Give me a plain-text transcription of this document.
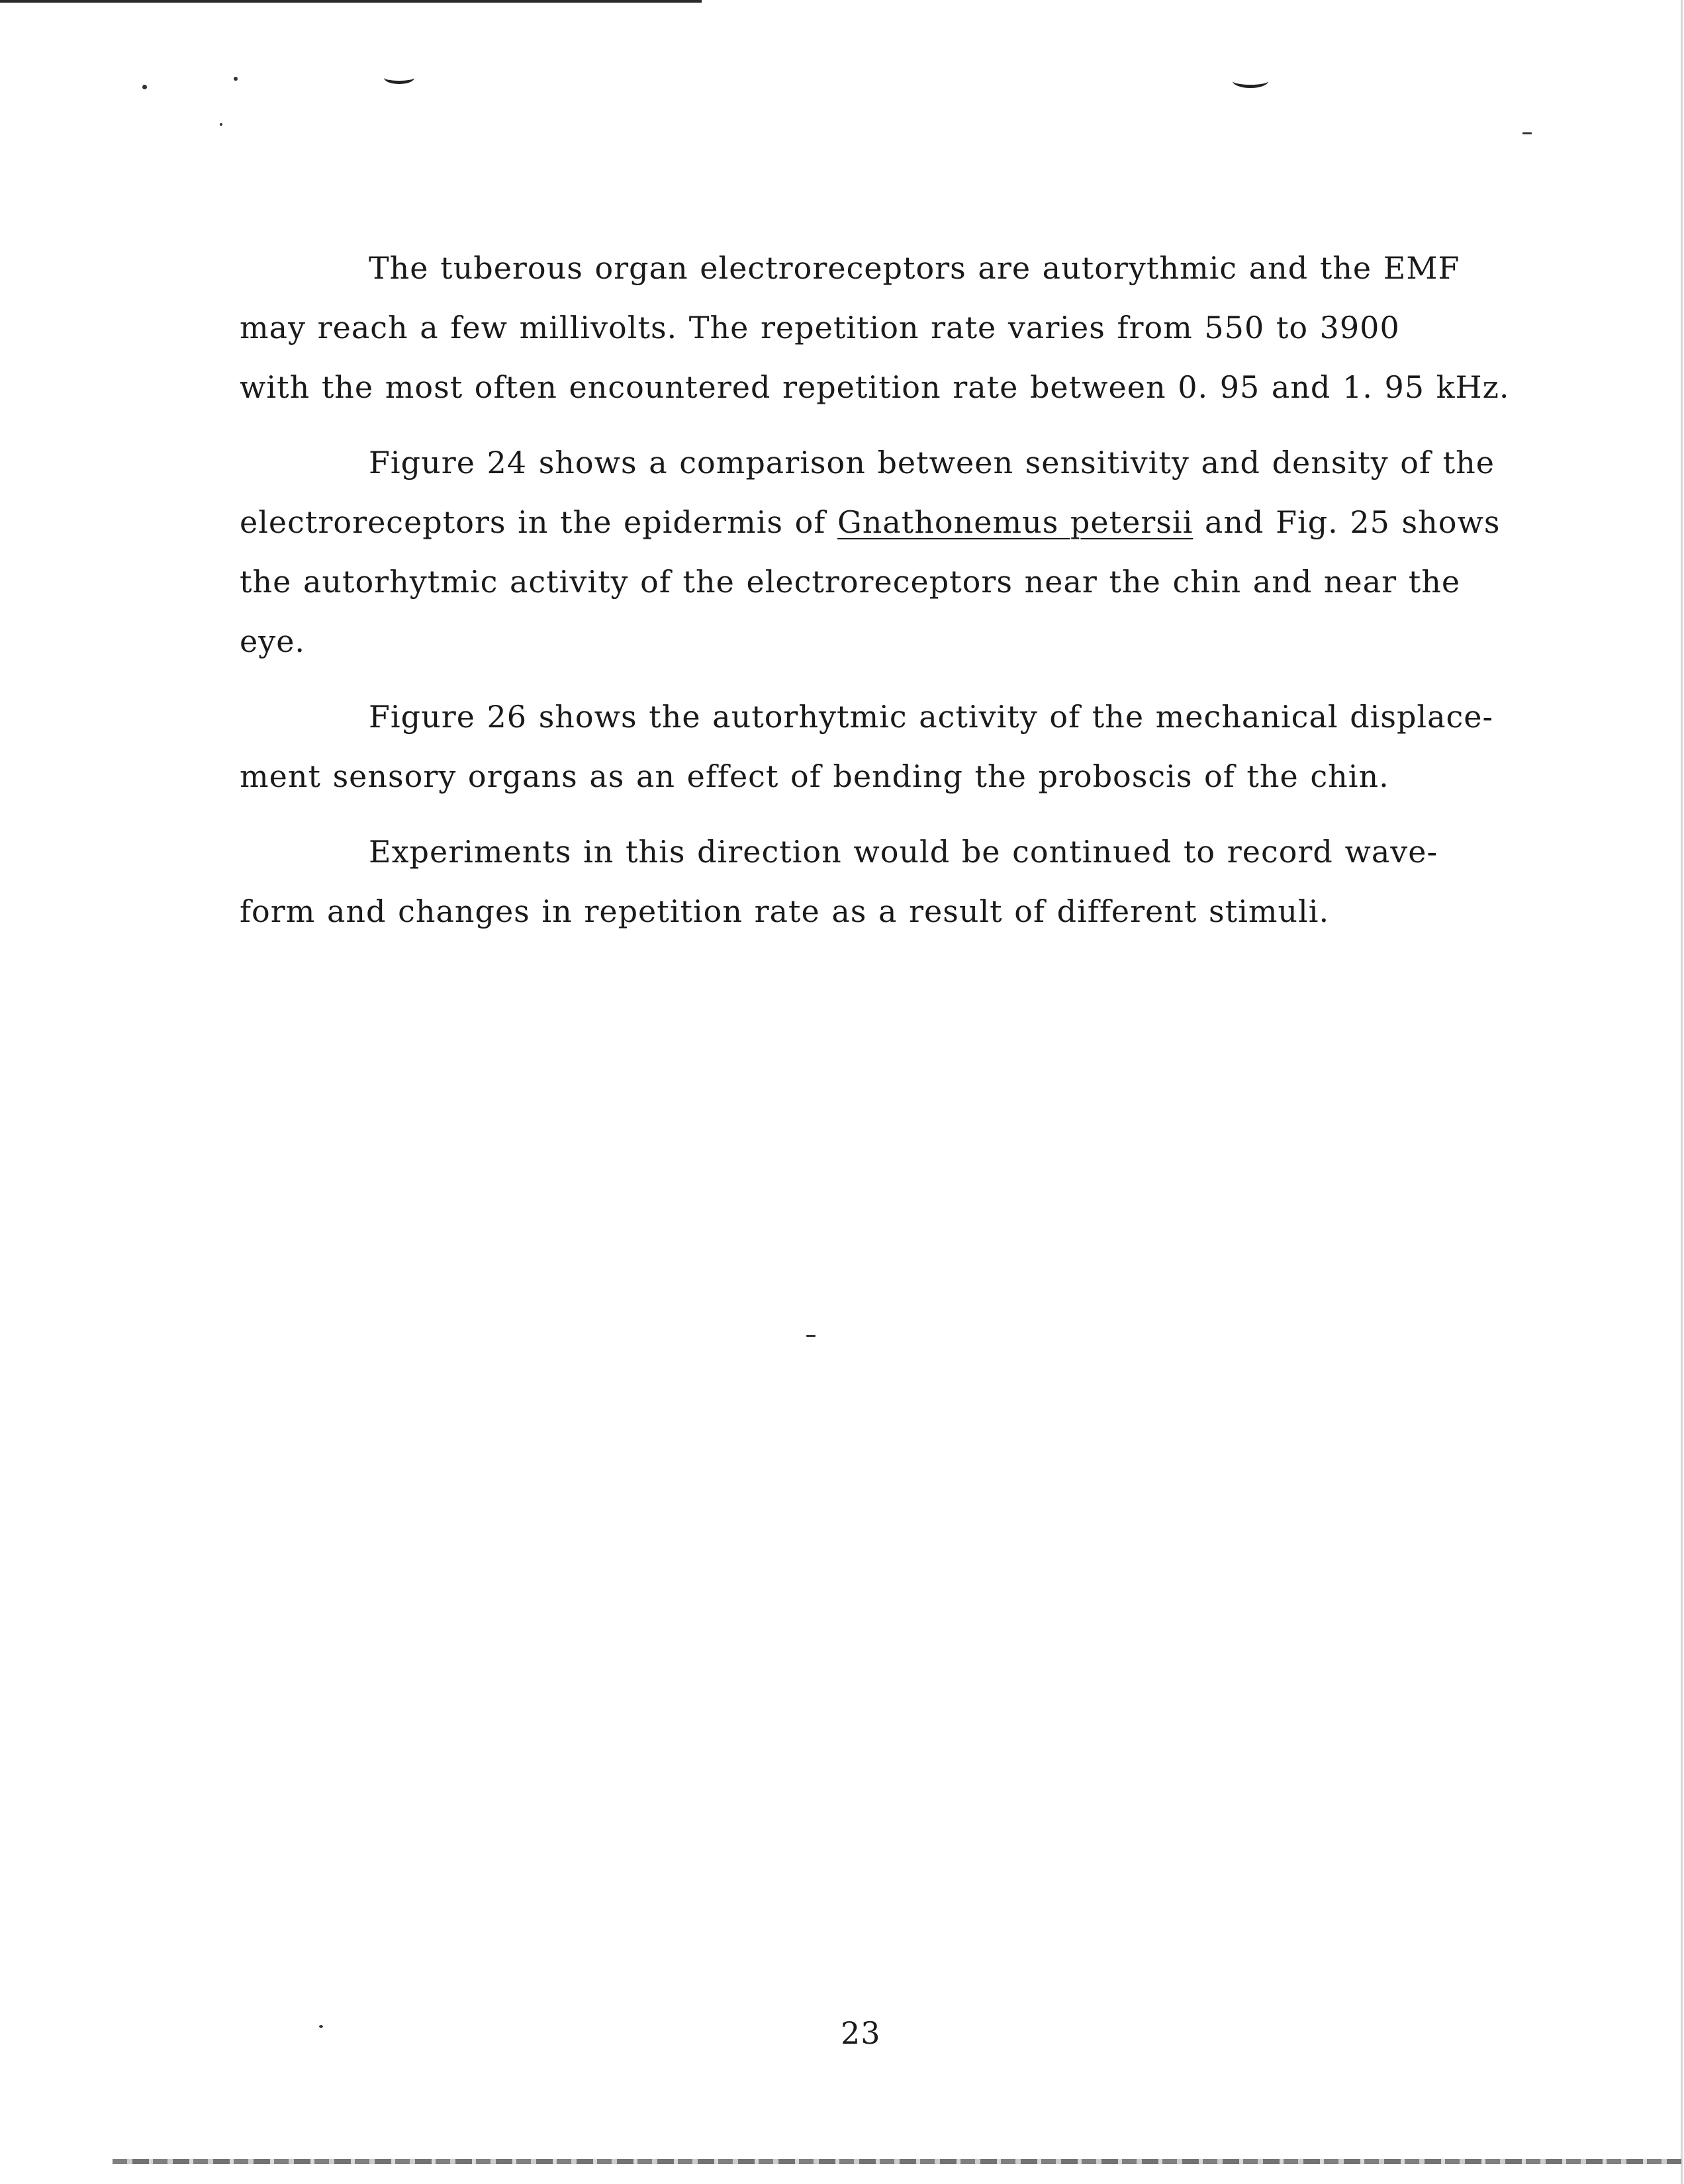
The tuberous organ electroreceptors are autorythmic and the EMF
may reach a few millivolts. The repetition rate varies from 550 to 3900
with the most often encountered repetition rate between 0. 95 and 1. 95 kHz.

Figure 24 shows a comparison between sensitivity and density of the
electroreceptors in the epidermis of Gnathonemus petersii and Fig. 25 shows
the autorhytmic activity of the electroreceptors near the chin and near the
eye.

Figure 26 shows the autorhytmic activity of the mechanical displace-
ment sensory organs as an effect of bending the proboscis of the chin.

Experiments in this direction would be continued to record wave-
form and changes in repetition rate as a result of different stimuli.

23
